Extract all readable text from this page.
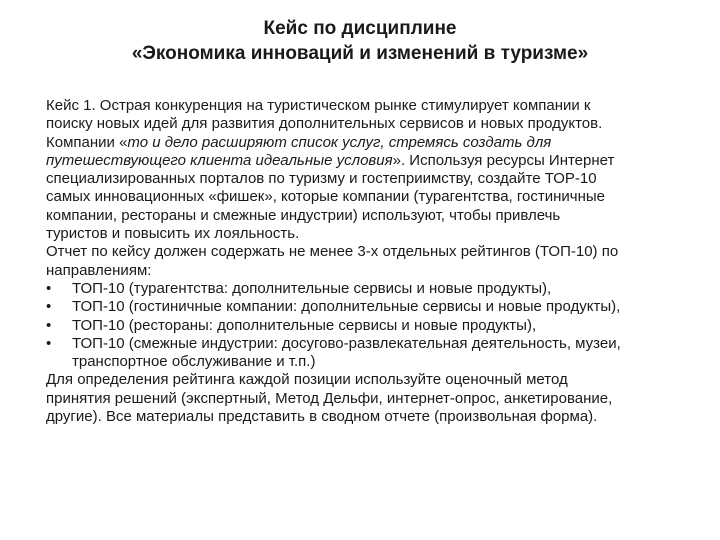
Кейс по дисциплине
«Экономика инноваций и изменений в туризме»
Кейс 1. Острая конкуренция на туристическом рынке стимулирует компании к
поиску новых идей для развития дополнительных сервисов и новых продуктов.
Компании «то и дело расширяют список услуг, стремясь создать для
путешествующего клиента идеальные условия». Используя ресурсы Интернет
специализированных порталов по туризму и гостеприимству, создайте ТОР-10
самых инновационных «фишек», которые компании (турагентства, гостиничные
компании, рестораны и смежные индустрии) используют, чтобы привлечь
туристов и повысить их лояльность.
Отчет по кейсу должен содержать не менее 3-х отдельных рейтингов (ТОП-10) по
направлениям:
• ТОП-10 (турагентства: дополнительные сервисы и новые продукты),
• ТОП-10 (гостиничные компании: дополнительные сервисы и новые продукты),
• ТОП-10 (рестораны: дополнительные сервисы и новые продукты),
• ТОП-10 (смежные индустрии: досугово-развлекательная деятельность, музеи,
транспортное обслуживание и т.п.)
Для определения рейтинга каждой позиции используйте оценочный метод
принятия решений (экспертный, Метод Дельфи, интернет-опрос, анкетирование,
другие). Все материалы представить в сводном отчете (произвольная форма).
